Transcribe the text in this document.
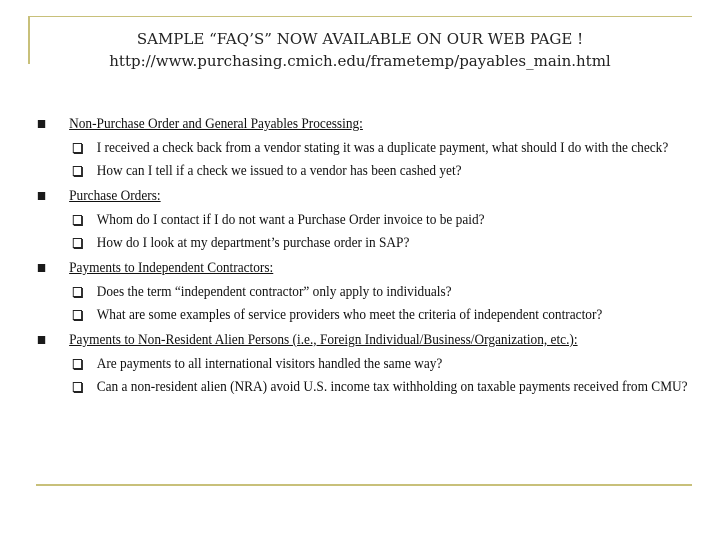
SAMPLE “FAQ’S” NOW AVAILABLE ON OUR WEB PAGE !
http://www.purchasing.cmich.edu/frametemp/payables_main.html
Non-Purchase Order and General Payables Processing:
I received a check back from a vendor stating it was a duplicate payment, what should I do with the check?
How can I tell if a check we issued to a vendor has been cashed yet?
Purchase Orders:
Whom do I contact if I do not want a Purchase Order invoice to be paid?
How do I look at my department’s purchase order in SAP?
Payments to Independent Contractors:
Does the term “independent contractor” only apply to individuals?
What are some examples of service providers who meet the criteria of independent contractor?
Payments to Non-Resident Alien Persons (i.e., Foreign Individual/Business/Organization, etc.):
Are payments to all international visitors handled the same way?
Can a non-resident alien (NRA) avoid U.S. income tax withholding on taxable payments received from CMU?
